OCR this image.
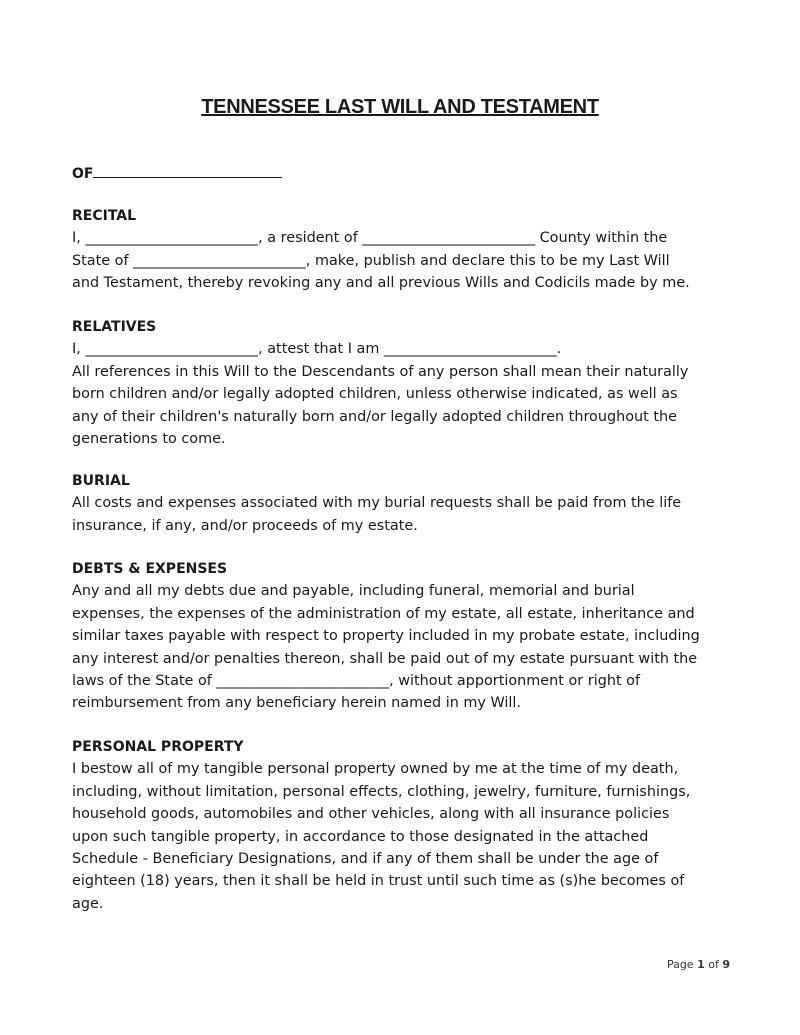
TENNESSEE LAST WILL AND TESTAMENT
OF
RECITAL
I, ________________________, a resident of ________________________ County within the
State of ________________________, make, publish and declare this to be my Last Will
and Testament, thereby revoking any and all previous Wills and Codicils made by me.
RELATIVES
I, ________________________, attest that I am ________________________.
All references in this Will to the Descendants of any person shall mean their naturally
born children and/or legally adopted children, unless otherwise indicated, as well as
any of their children's naturally born and/or legally adopted children throughout the
generations to come.
BURIAL
All costs and expenses associated with my burial requests shall be paid from the life
insurance, if any, and/or proceeds of my estate.
DEBTS & EXPENSES
Any and all my debts due and payable, including funeral, memorial and burial
expenses, the expenses of the administration of my estate, all estate, inheritance and
similar taxes payable with respect to property included in my probate estate, including
any interest and/or penalties thereon, shall be paid out of my estate pursuant with the
laws of the State of ________________________, without apportionment or right of
reimbursement from any beneficiary herein named in my Will.
PERSONAL PROPERTY
I bestow all of my tangible personal property owned by me at the time of my death,
including, without limitation, personal effects, clothing, jewelry, furniture, furnishings,
household goods, automobiles and other vehicles, along with all insurance policies
upon such tangible property, in accordance to those designated in the attached
Schedule - Beneficiary Designations, and if any of them shall be under the age of
eighteen (18) years, then it shall be held in trust until such time as (s)he becomes of
age.
Page 1 of 9
